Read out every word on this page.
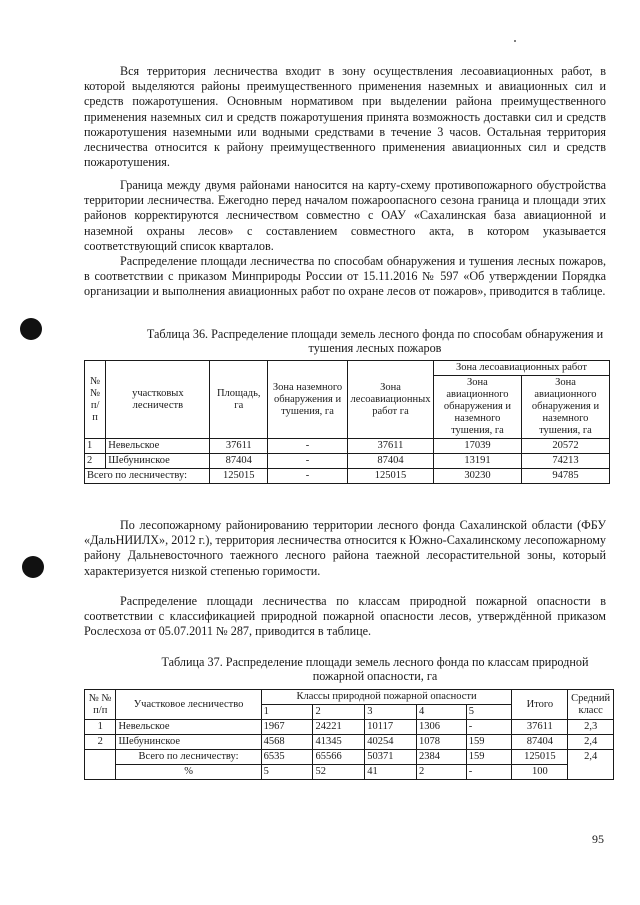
Вся территория лесничества входит в зону осуществления лесоавиационных работ, в которой выделяются районы преимущественного применения наземных и авиационных сил и средств пожаротушения. Основным нормативом при выделении района преимущественного применения наземных сил и средств пожаротушения принята возможность доставки сил и средств пожаротушения наземными или водными средствами в течение 3 часов. Остальная территория лесничества относится к району преимущественного применения авиационных сил и средств пожаротушения.

Граница между двумя районами наносится на карту-схему противопожарного обустройства территории лесничества. Ежегодно перед началом пожароопасного сезона граница и площади этих районов корректируются лесничеством совместно с ОАУ «Сахалинская база авиационной и наземной охраны лесов» с составлением совместного акта, в котором указывается соответствующий список кварталов.

Распределение площади лесничества по способам обнаружения и тушения лесных пожаров, в соответствии с приказом Минприроды России от 15.11.2016 № 597 «Об утверждении Порядка организации и выполнения авиационных работ по охране лесов от пожаров», приводится в таблице.

Таблица 36. Распределение площади земель лесного фонда по способам обнаружения и тушения лесных пожаров

№ № п/ п	участковых лесничеств	Площадь, га	Зона наземного обнаружения и тушения, га	Зона лесоавиационных работ га	Зона лесоавиационных работ	
					Зона авиационного обнаружения и наземного тушения, га	Зона авиационного обнаружения и наземного тушения, га
1	Невельское	37611	-	37611	17039	20572
2	Шебунинское	87404	-	87404	13191	74213
Всего по лесничеству:		125015	-	125015	30230	94785

По лесопожарному районированию территории лесного фонда Сахалинской области (ФБУ «ДальНИИЛХ», 2012 г.), территория лесничества относится к Южно-Сахалинскому лесопожарному району Дальневосточного таежного лесного района таежной лесорастительной зоны, который характеризуется низкой степенью горимости.

Распределение площади лесничества по классам природной пожарной опасности в соответствии с классификацией природной пожарной опасности лесов, утверждённой приказом Рослесхоза от 05.07.2011 № 287, приводится в таблице.

Таблица 37. Распределение площади земель лесного фонда по классам природной пожарной опасности, га

№ № п/п	Участковое лесничество	Классы природной пожарной опасности					Итого	Средний класс
		1	2	3	4	5		
1	Невельское	1967	24221	10117	1306	-	37611	2,3
2	Шебунинское	4568	41345	40254	1078	159	87404	2,4
	Всего по лесничеству:	6535	65566	50371	2384	159	125015	2,4
	%	5	52	41	2	-	100	
95
